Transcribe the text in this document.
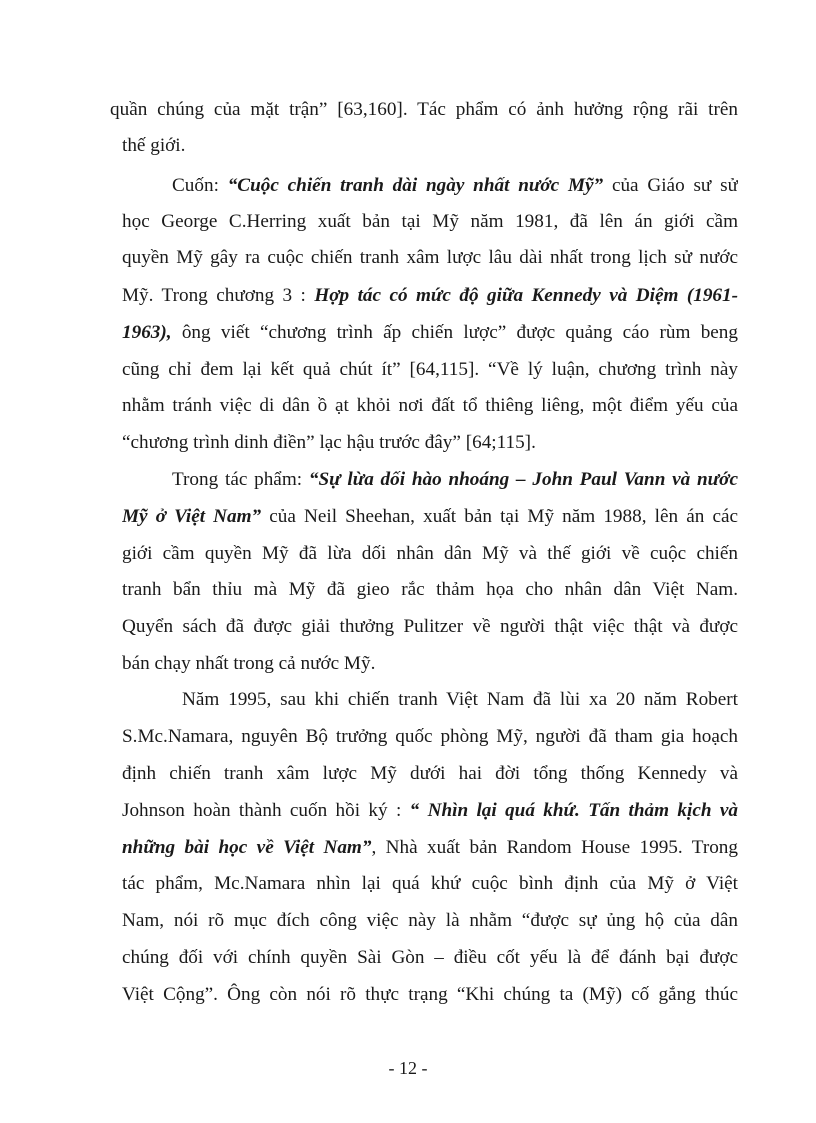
quần chúng của mặt trận” [63,160]. Tác phẩm có ảnh hưởng rộng rãi trên
thế giới.
Cuốn: “Cuộc chiến tranh dài ngày nhất nước Mỹ” của Giáo sư sử
học George C.Herring xuất bản tại Mỹ năm 1981, đã lên án giới cầm
quyền Mỹ gây ra cuộc chiến tranh xâm lược lâu dài nhất trong lịch sử nước
Mỹ. Trong chương 3 : Hợp tác có mức độ giữa Kennedy và Diệm (1961-
1963), ông viết “chương trình ấp chiến lược” được quảng cáo rùm beng
cũng chỉ đem lại kết quả chút ít” [64,115]. “Về lý luận, chương trình này
nhằm tránh việc di dân ồ ạt khỏi nơi đất tổ thiêng liêng, một điểm yếu của
“chương trình dinh điền” lạc hậu trước đây” [64;115].
Trong tác phẩm: “Sự lừa dối hào nhoáng – John Paul Vann và nước
Mỹ ở Việt Nam” của Neil Sheehan, xuất bản tại Mỹ năm 1988, lên án các
giới cầm quyền Mỹ đã lừa dối nhân dân Mỹ và thế giới về cuộc chiến
tranh bẩn thỉu mà Mỹ đã gieo rắc thảm họa cho nhân dân Việt Nam.
Quyển sách đã được giải thưởng Pulitzer về người thật việc thật và được
bán chạy nhất trong cả nước Mỹ.
Năm 1995, sau khi chiến tranh Việt Nam đã lùi xa 20 năm Robert
S.Mc.Namara, nguyên Bộ trưởng quốc phòng Mỹ, người đã tham gia hoạch
định chiến tranh xâm lược Mỹ dưới hai đời tổng thống Kennedy và
Johnson hoàn thành cuốn hồi ký : “ Nhìn lại quá khứ. Tấn thảm kịch và
những bài học về Việt Nam”, Nhà xuất bản Random House 1995. Trong
tác phẩm, Mc.Namara nhìn lại quá khứ cuộc bình định của Mỹ ở Việt
Nam, nói rõ mục đích công việc này là nhằm “được sự ủng hộ của dân
chúng đối với chính quyền Sài Gòn – điều cốt yếu là để đánh bại được
Việt Cộng”. Ông còn nói rõ thực trạng “Khi chúng ta (Mỹ) cố gắng thúc
- 12 -
